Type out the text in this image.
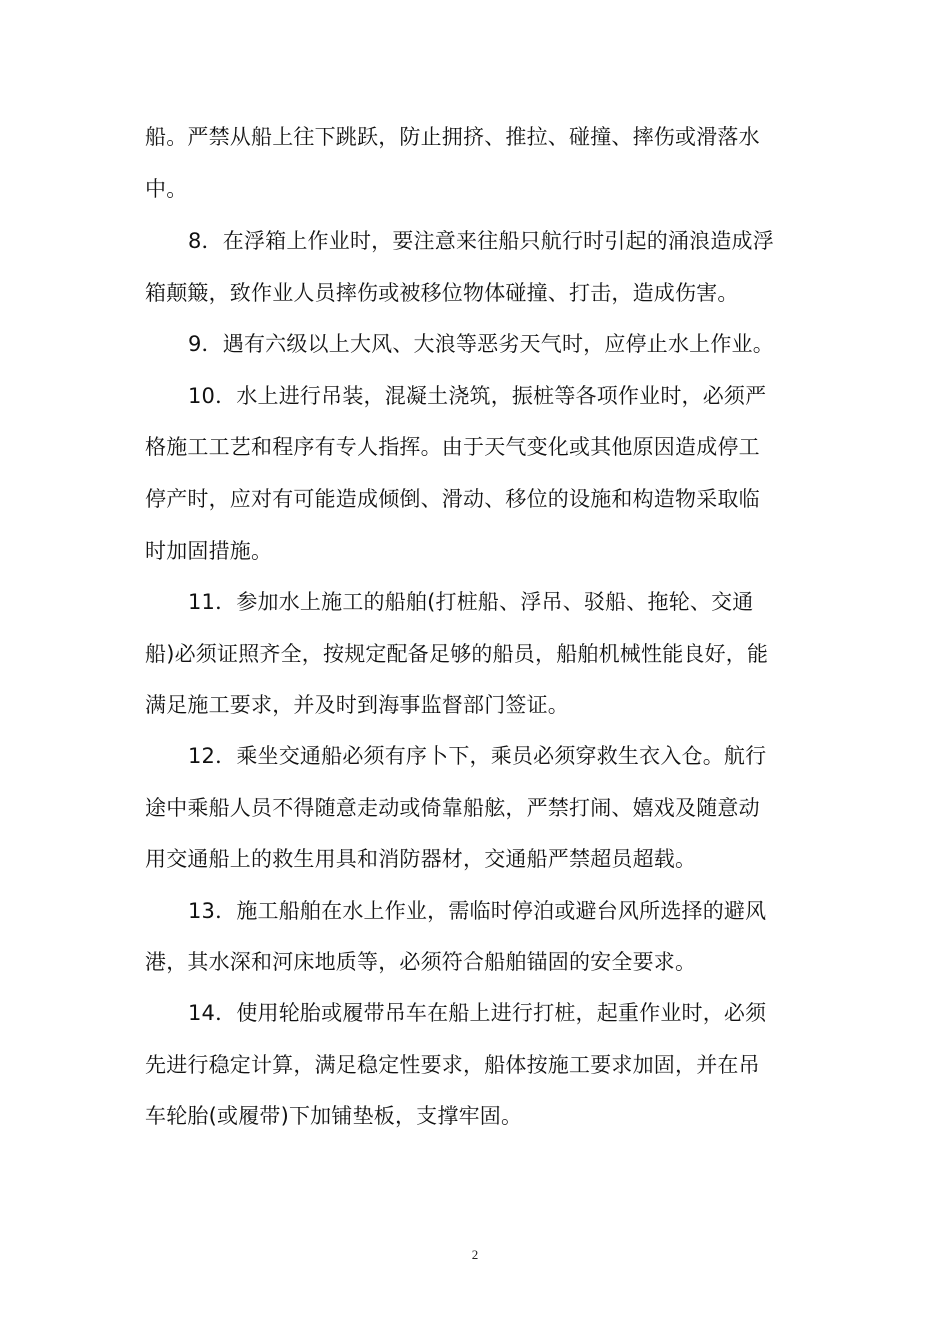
船。严禁从船上往下跳跃，防止拥挤、推拉、碰撞、摔伤或滑落水
中。
8．在浮箱上作业时，要注意来往船只航行时引起的涌浪造成浮
箱颠簸，致作业人员摔伤或被移位物体碰撞、打击，造成伤害。
9．遇有六级以上大风、大浪等恶劣天气时，应停止水上作业。
10．水上进行吊装，混凝土浇筑，振桩等各项作业时，必须严
格施工工艺和程序有专人指挥。由于天气变化或其他原因造成停工
停产时，应对有可能造成倾倒、滑动、移位的设施和构造物采取临
时加固措施。
11．参加水上施工的船舶(打桩船、浮吊、驳船、拖轮、交通
船)必须证照齐全，按规定配备足够的船员，船舶机械性能良好，能
满足施工要求，并及时到海事监督部门签证。
12．乘坐交通船必须有序卜下，乘员必须穿救生衣入仓。航行
途中乘船人员不得随意走动或倚靠船舷，严禁打闹、嬉戏及随意动
用交通船上的救生用具和消防器材，交通船严禁超员超载。
13．施工船舶在水上作业，需临时停泊或避台风所选择的避风
港，其水深和河床地质等，必须符合船舶锚固的安全要求。
14．使用轮胎或履带吊车在船上进行打桩，起重作业时，必须
先进行稳定计算，满足稳定性要求，船体按施工要求加固，并在吊
车轮胎(或履带)下加铺垫板，支撑牢固。
2
